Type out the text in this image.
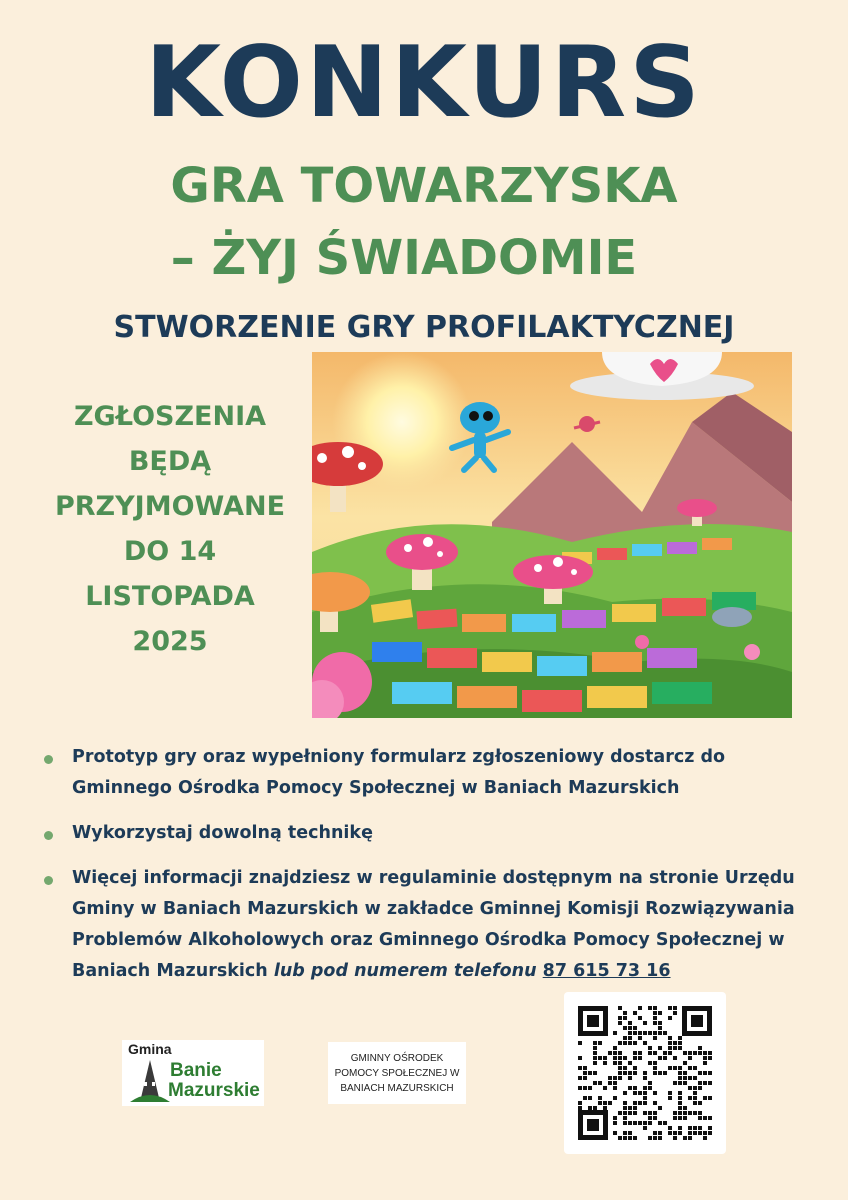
KONKURS
GRA TOWARZYSKA
– ŻYJ ŚWIADOMIE
STWORZENIE GRY PROFILAKTYCZNEJ
ZGŁOSZENIA
BĘDĄ
PRZYJMOWANE
DO 14
LISTOPADA
2025
Prototyp gry oraz wypełniony formularz zgłoszeniowy dostarcz do Gminnego Ośrodka Pomocy Społecznej w Baniach Mazurskich
Wykorzystaj dowolną technikę
Więcej informacji znajdziesz w regulaminie dostępnym na stronie Urzędu Gminy w Baniach Mazurskich w zakładce Gminnej Komisji Rozwiązywania Problemów Alkoholowych oraz Gminnego Ośrodka Pomocy Społecznej w Baniach Mazurskich lub pod numerem telefonu 87 615 73 16
Gmina
Banie
Mazurskie
GMINNY OŚRODEK POMOCY SPOŁECZNEJ W BANIACH MAZURSKICH
